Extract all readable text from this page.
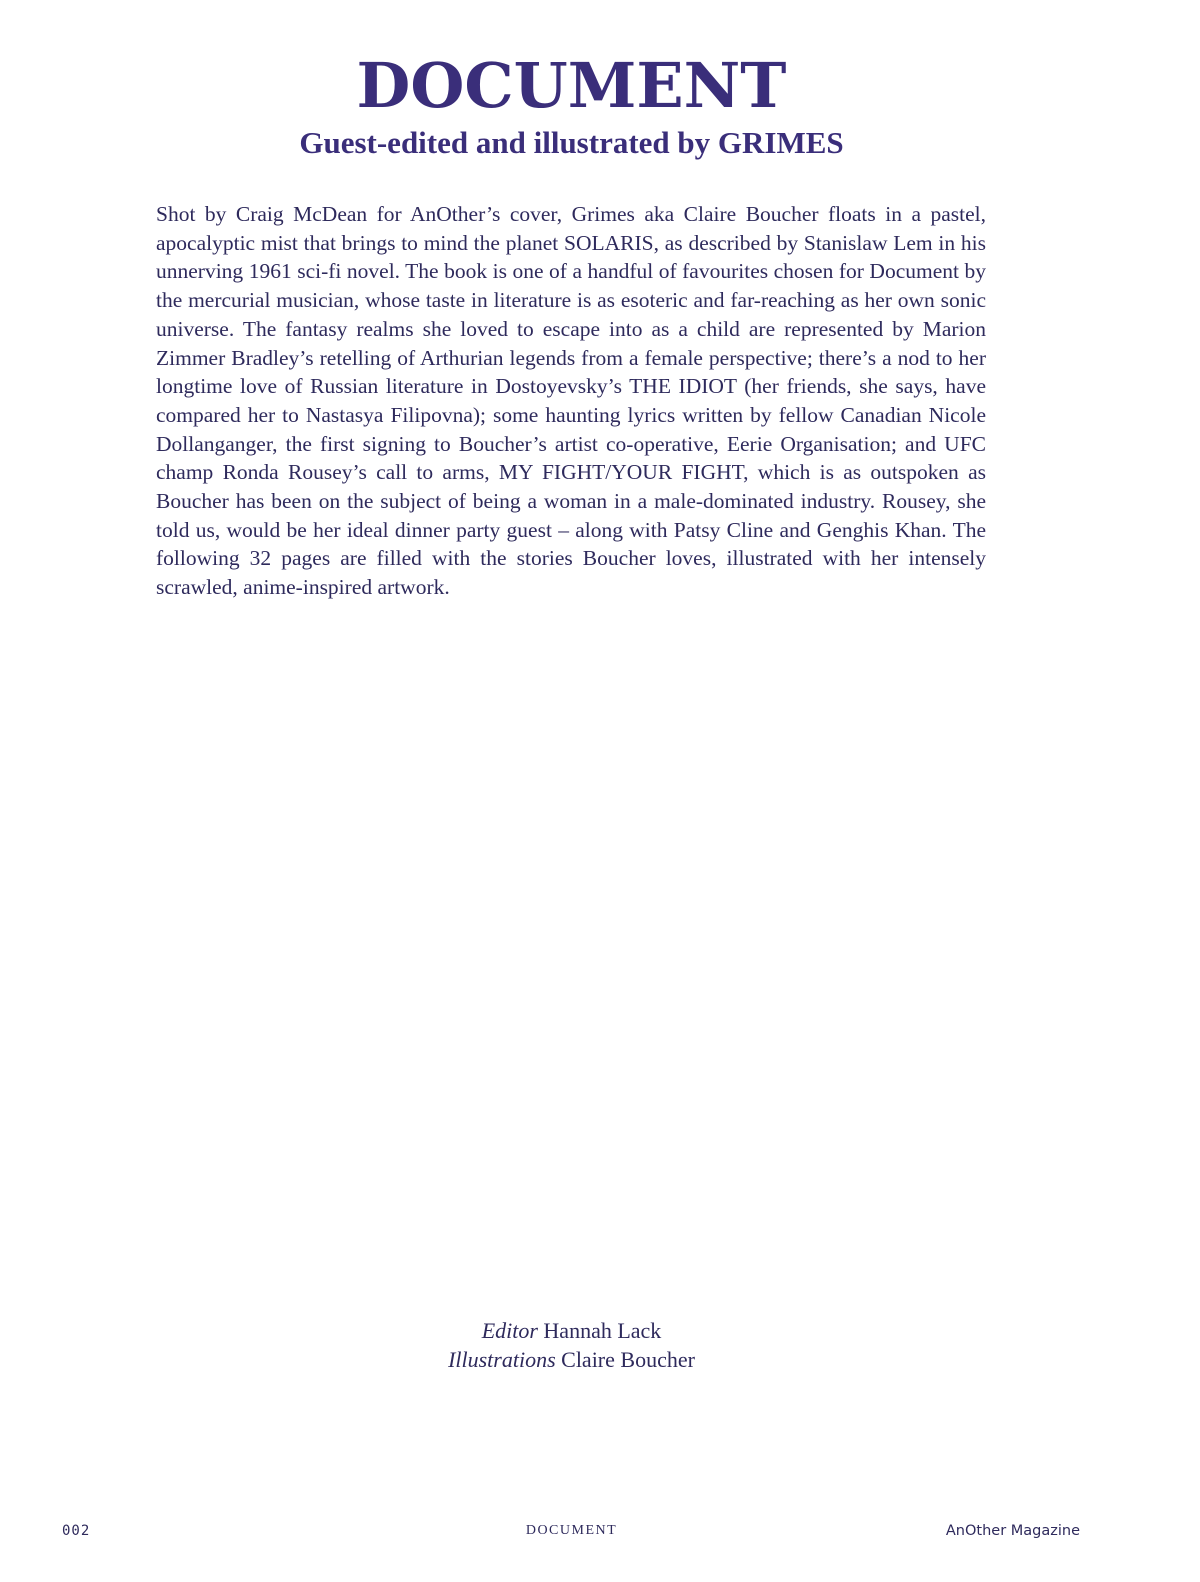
DOCUMENT
Guest-edited and illustrated by GRIMES

Shot by Craig McDean for AnOther’s cover, Grimes aka Claire Boucher floats in a pastel, apocalyptic mist that brings to mind the planet SOLARIS, as described by Stanislaw Lem in his unnerving 1961 sci-fi novel. The book is one of a handful of favourites chosen for Document by the mercurial musician, whose taste in literature is as esoteric and far-reaching as her own sonic universe. The fantasy realms she loved to escape into as a child are represented by Marion Zimmer Bradley’s retelling of Arthurian legends from a female perspective; there’s a nod to her longtime love of Russian literature in Dostoyevsky’s THE IDIOT (her friends, she says, have compared her to Nastasya Filipovna); some haunting lyrics written by fellow Canadian Nicole Dollanganger, the first signing to Boucher’s artist co-operative, Eerie Organisation; and UFC champ Ronda Rousey’s call to arms, MY FIGHT/YOUR FIGHT, which is as outspoken as Boucher has been on the subject of being a woman in a male-dominated industry. Rousey, she told us, would be her ideal dinner party guest – along with Patsy Cline and Genghis Khan. The following 32 pages are filled with the stories Boucher loves, illustrated with her intensely scrawled, anime-inspired artwork.

Editor Hannah Lack
Illustrations Claire Boucher
002	DOCUMENT	AnOther Magazine
